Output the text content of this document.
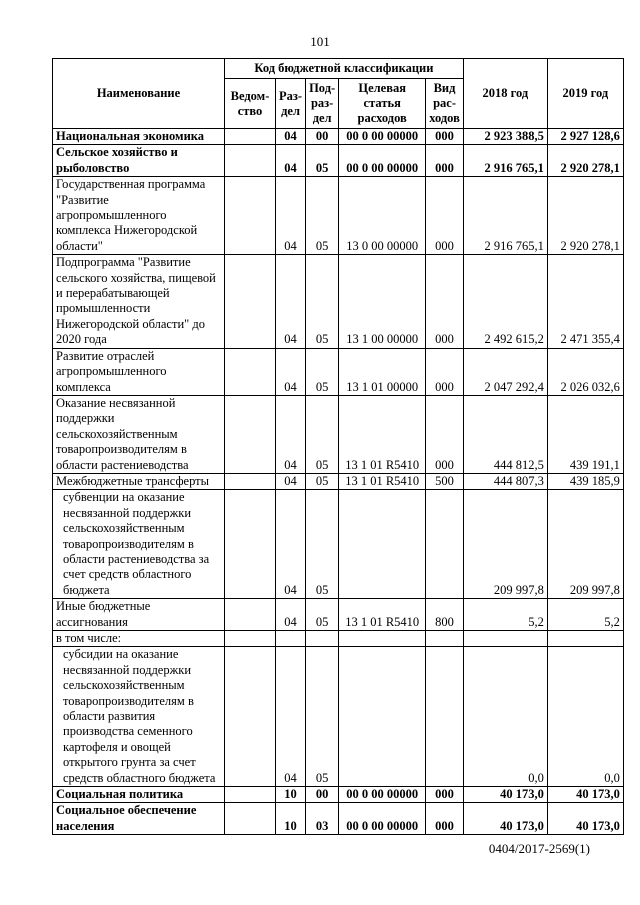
101
Наименование	Код бюджетной классификации					2018 год	2019 год
	Ведом-ство	Раз-дел	Под-раз-дел	Целевая статья расходов	Вид рас-ходов		
Национальная экономика		04	00	00 0 00 00000	000	2 923 388,5	2 927 128,6
Сельское хозяйство и рыболовство		04	05	00 0 00 00000	000	2 916 765,1	2 920 278,1
Государственная программа "Развитие агропромышленного комплекса Нижегородской области"		04	05	13 0 00 00000	000	2 916 765,1	2 920 278,1
Подпрограмма "Развитие сельского хозяйства, пищевой и перерабатывающей промышленности Нижегородской области" до 2020 года		04	05	13 1 00 00000	000	2 492 615,2	2 471 355,4
Развитие отраслей агропромышленного комплекса		04	05	13 1 01 00000	000	2 047 292,4	2 026 032,6
Оказание несвязанной поддержки сельскохозяйственным товаропроизводителям в области растениеводства		04	05	13 1 01 R5410	000	444 812,5	439 191,1
Межбюджетные трансферты		04	05	13 1 01 R5410	500	444 807,3	439 185,9
субвенции на оказание несвязанной поддержки сельскохозяйственным товаропроизводителям в области растениеводства за счет средств областного бюджета		04	05			209 997,8	209 997,8
Иные бюджетные ассигнования		04	05	13 1 01 R5410	800	5,2	5,2
в том числе:							
субсидии на оказание несвязанной поддержки сельскохозяйственным товаропроизводителям в области развития производства семенного картофеля и овощей открытого грунта за счет средств областного бюджета		04	05			0,0	0,0
Социальная политика		10	00	00 0 00 00000	000	40 173,0	40 173,0
Социальное обеспечение населения		10	03	00 0 00 00000	000	40 173,0	40 173,0
0404/2017-2569(1)
